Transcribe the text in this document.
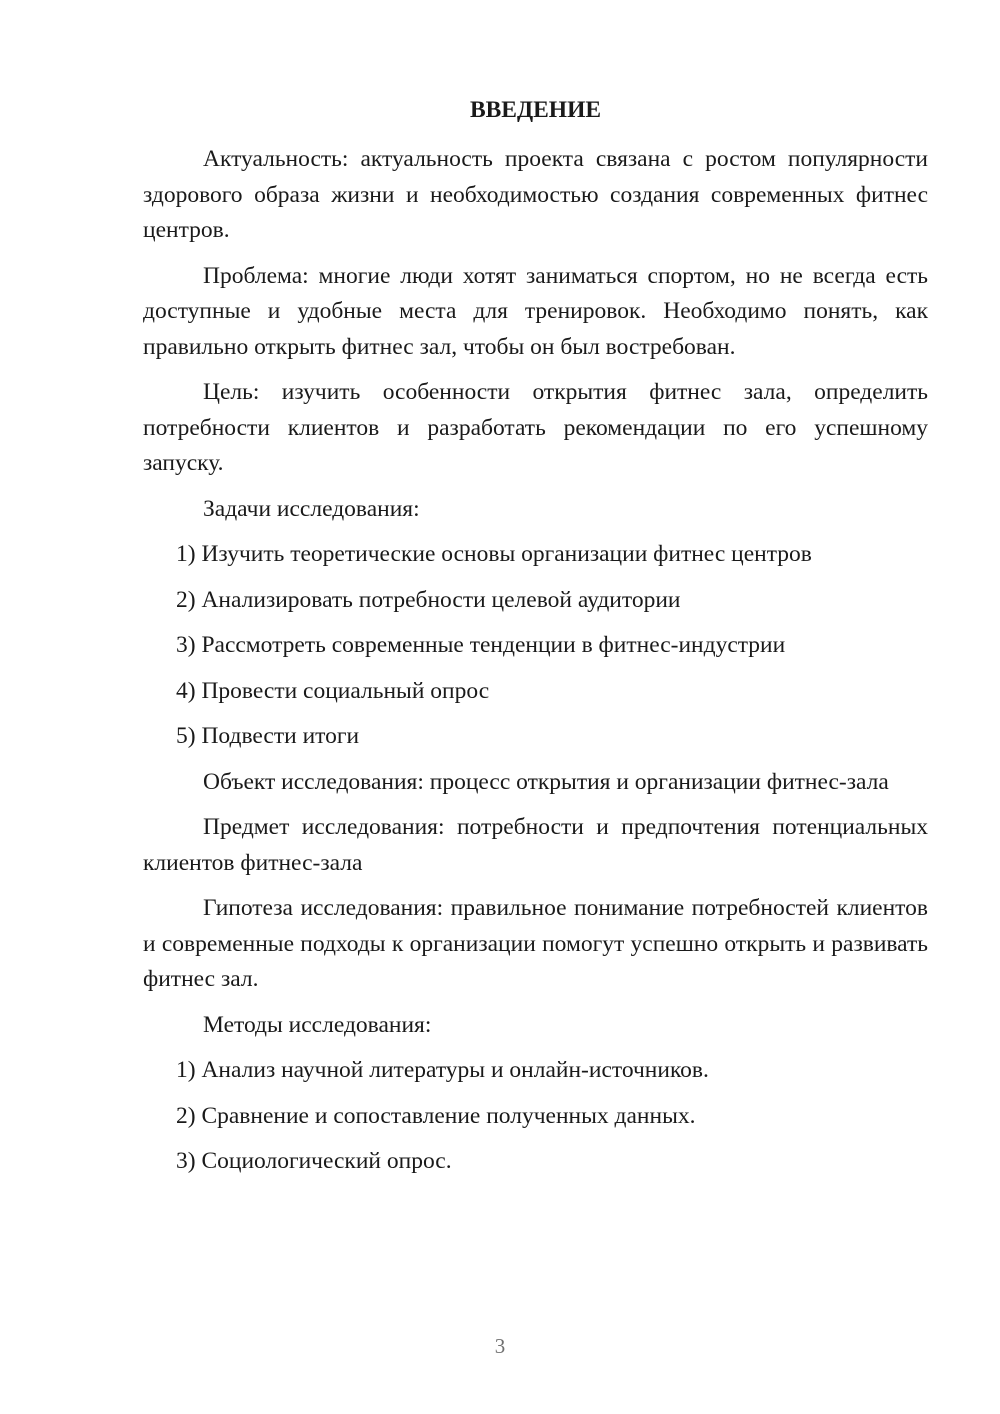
ВВЕДЕНИЕ

Актуальность: актуальность проекта связана с ростом популярности здорового образа жизни и необходимостью создания современных фитнес центров.

Проблема: многие люди хотят заниматься спортом, но не всегда есть доступные и удобные места для тренировок. Необходимо понять, как правильно открыть фитнес зал, чтобы он был востребован.

Цель: изучить особенности открытия фитнес зала, определить потребности клиентов и разработать рекомендации по его успешному запуску.

Задачи исследования:

1) Изучить теоретические основы организации фитнес центров

2) Анализировать потребности целевой аудитории

3) Рассмотреть современные тенденции в фитнес-индустрии

4) Провести социальный опрос

5) Подвести итоги

Объект исследования: процесс открытия и организации фитнес-зала

Предмет исследования: потребности и предпочтения потенциальных клиентов фитнес-зала

Гипотеза исследования: правильное понимание потребностей клиентов и современные подходы к организации помогут успешно открыть и развивать фитнес зал.

Методы исследования:

1) Анализ научной литературы и онлайн-источников.

2) Сравнение и сопоставление полученных данных.

3) Социологический опрос.

3
